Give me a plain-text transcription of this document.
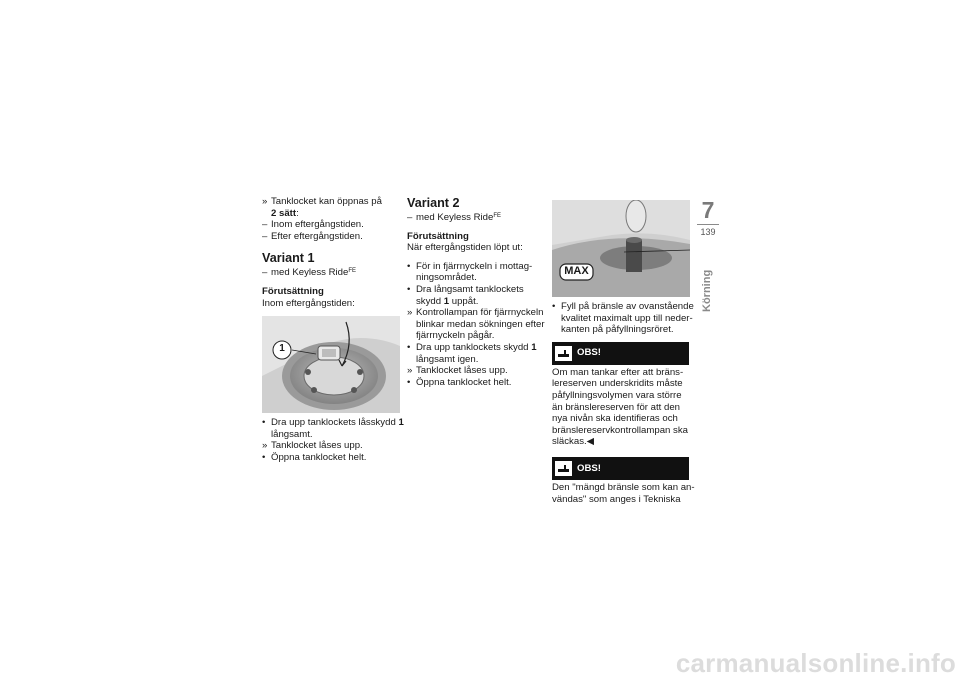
» Tanklocket kan öppnas på
2 sätt:
– Inom eftergångstiden.
– Efter eftergångstiden.
Variant 1
– med Keyless Ride$^{FE}$
Förutsättning
Inom eftergångstiden:
1
• Dra upp tanklockets låsskydd 1
långsamt.
» Tanklocket låses upp.
• Öppna tanklocket helt.
Variant 2
– med Keyless Ride$^{FE}$
Förutsättning
När eftergångstiden löpt ut:
• För in fjärrnyckeln i mottag-
ningsområdet.
• Dra långsamt tanklockets
skydd 1 uppåt.
» Kontrollampan för fjärrnyckeln
blinkar medan sökningen efter
fjärrnyckeln pågår.
• Dra upp tanklockets skydd 1
långsamt igen.
» Tanklocket låses upp.
• Öppna tanklocket helt.
MAX
• Fyll på bränsle av ovanstående
kvalitet maximalt upp till neder-
kanten på påfyllningsröret.
OBS!
Om man tankar efter att bräns-
lereserven underskridits måste
påfyllningsvolymen vara större
än bränslereserven för att den
nya nivån ska identifieras och
bränslereservkontrollampan ska
släckas.◀
OBS!
Den "mängd bränsle som kan an-
vändas" som anges i Tekniska
7
139
Körning
carmanualsonline.info
